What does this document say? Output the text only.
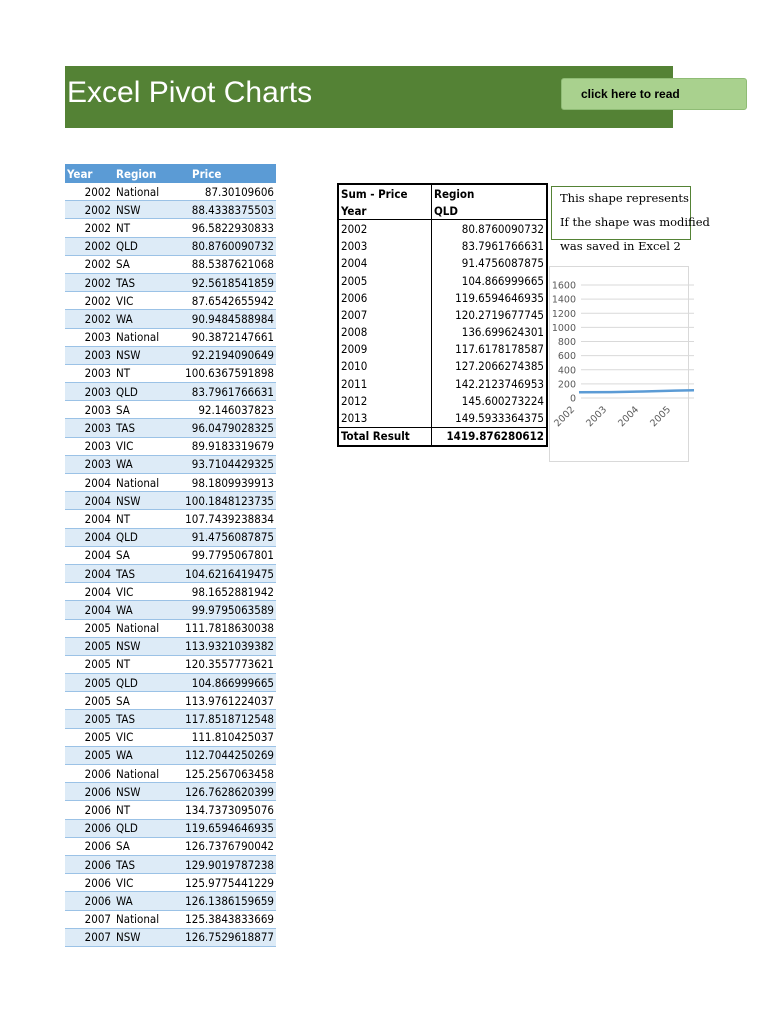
Excel Pivot Charts
Year	Region	Price
2002	National	87.30109606
2002	NSW	88.4338375503
2002	NT	96.5822930833
2002	QLD	80.8760090732
2002	SA	88.5387621068
2002	TAS	92.5618541859
2002	VIC	87.6542655942
2002	WA	90.9484588984
2003	National	90.3872147661
2003	NSW	92.2194090649
2003	NT	100.6367591898
2003	QLD	83.7961766631
2003	SA	92.146037823
2003	TAS	96.0479028325
2003	VIC	89.9183319679
2003	WA	93.7104429325
2004	National	98.1809939913
2004	NSW	100.1848123735
2004	NT	107.7439238834
2004	QLD	91.4756087875
2004	SA	99.7795067801
2004	TAS	104.6216419475
2004	VIC	98.1652881942
2004	WA	99.9795063589
2005	National	111.7818630038
2005	NSW	113.9321039382
2005	NT	120.3557773621
2005	QLD	104.866999665
2005	SA	113.9761224037
2005	TAS	117.8518712548
2005	VIC	111.810425037
2005	WA	112.7044250269
2006	National	125.2567063458
2006	NSW	126.7628620399
2006	NT	134.7373095076
2006	QLD	119.6594646935
2006	SA	126.7376790042
2006	TAS	129.9019787238
2006	VIC	125.9775441229
2006	WA	126.1386159659
2007	National	125.3843833669
2007	NSW	126.7529618877
Sum - Price	Region
Year	QLD
2002	80.8760090732
2003	83.7961766631
2004	91.4756087875
2005	104.866999665
2006	119.6594646935
2007	120.2719677745
2008	136.699624301
2009	117.6178178587
2010	127.2066274385
2011	142.2123746953
2012	145.600273224
2013	149.5933364375
Total Result	1419.876280612

This shape represents

If the shape was modified

was saved in Excel 2

0
200
400
600
800
1000
1200
1400
1600
2002 2003 2004 2005
click here to read
